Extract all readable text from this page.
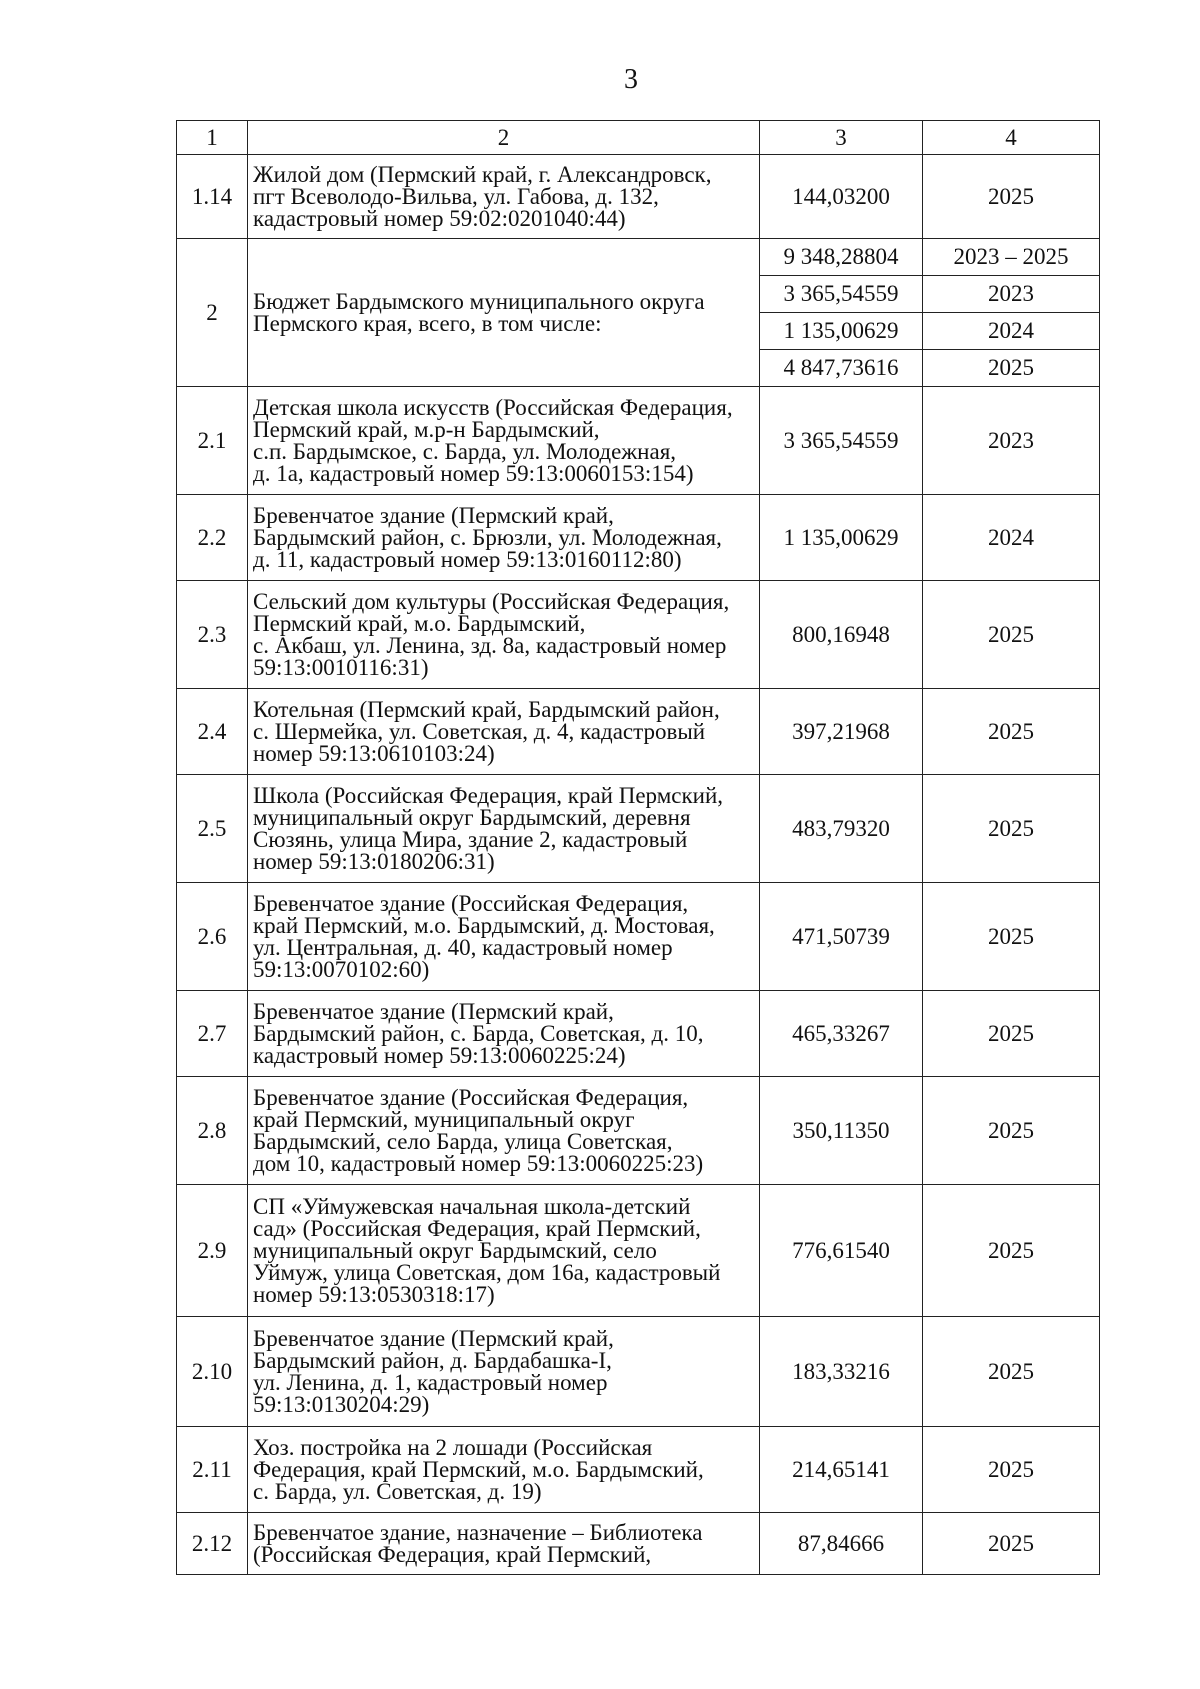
3
1	2	3	4
1.14	Жилой дом (Пермский край, г. Александровск,
пгт Всеволодо-Вильва, ул. Габова, д. 132,
кадастровый номер 59:02:0201040:44)	144,03200	2025
2	Бюджет Бардымского муниципального округа
Пермского края, всего, в том числе:	9 348,28804	2023 – 2025
		3 365,54559	2023
		1 135,00629	2024
		4 847,73616	2025
2.1	Детская школа искусств (Российская Федерация,
Пермский край, м.р-н Бардымский,
с.п. Бардымское, с. Барда, ул. Молодежная,
д. 1а, кадастровый номер 59:13:0060153:154)	3 365,54559	2023
2.2	Бревенчатое здание (Пермский край,
Бардымский район, с. Брюзли, ул. Молодежная,
д. 11, кадастровый номер 59:13:0160112:80)	1 135,00629	2024
2.3	Сельский дом культуры (Российская Федерация,
Пермский край, м.о. Бардымский,
с. Акбаш, ул. Ленина, зд. 8а, кадастровый номер
59:13:0010116:31)	800,16948	2025
2.4	Котельная (Пермский край, Бардымский район,
с. Шермейка, ул. Советская, д. 4, кадастровый
номер 59:13:0610103:24)	397,21968	2025
2.5	Школа (Российская Федерация, край Пермский,
муниципальный округ Бардымский, деревня
Сюзянь, улица Мира, здание 2, кадастровый
номер 59:13:0180206:31)	483,79320	2025
2.6	Бревенчатое здание (Российская Федерация,
край Пермский, м.о. Бардымский, д. Мостовая,
ул. Центральная, д. 40, кадастровый номер
59:13:0070102:60)	471,50739	2025
2.7	Бревенчатое здание (Пермский край,
Бардымский район, с. Барда, Советская, д. 10,
кадастровый номер 59:13:0060225:24)	465,33267	2025
2.8	Бревенчатое здание (Российская Федерация,
край Пермский, муниципальный округ
Бардымский, село Барда, улица Советская,
дом 10, кадастровый номер 59:13:0060225:23)	350,11350	2025
2.9	СП «Уймужевская начальная школа-детский
сад» (Российская Федерация, край Пермский,
муниципальный округ Бардымский, село
Уймуж, улица Советская, дом 16а, кадастровый
номер 59:13:0530318:17)	776,61540	2025
2.10	Бревенчатое здание (Пермский край,
Бардымский район, д. Бардабашка-I,
ул. Ленина, д. 1, кадастровый номер
59:13:0130204:29)	183,33216	2025
2.11	Хоз. постройка на 2 лошади (Российская
Федерация, край Пермский, м.о. Бардымский,
с. Барда, ул. Советская, д. 19)	214,65141	2025
2.12	Бревенчатое здание, назначение – Библиотека
(Российская Федерация, край Пермский,	87,84666	2025
